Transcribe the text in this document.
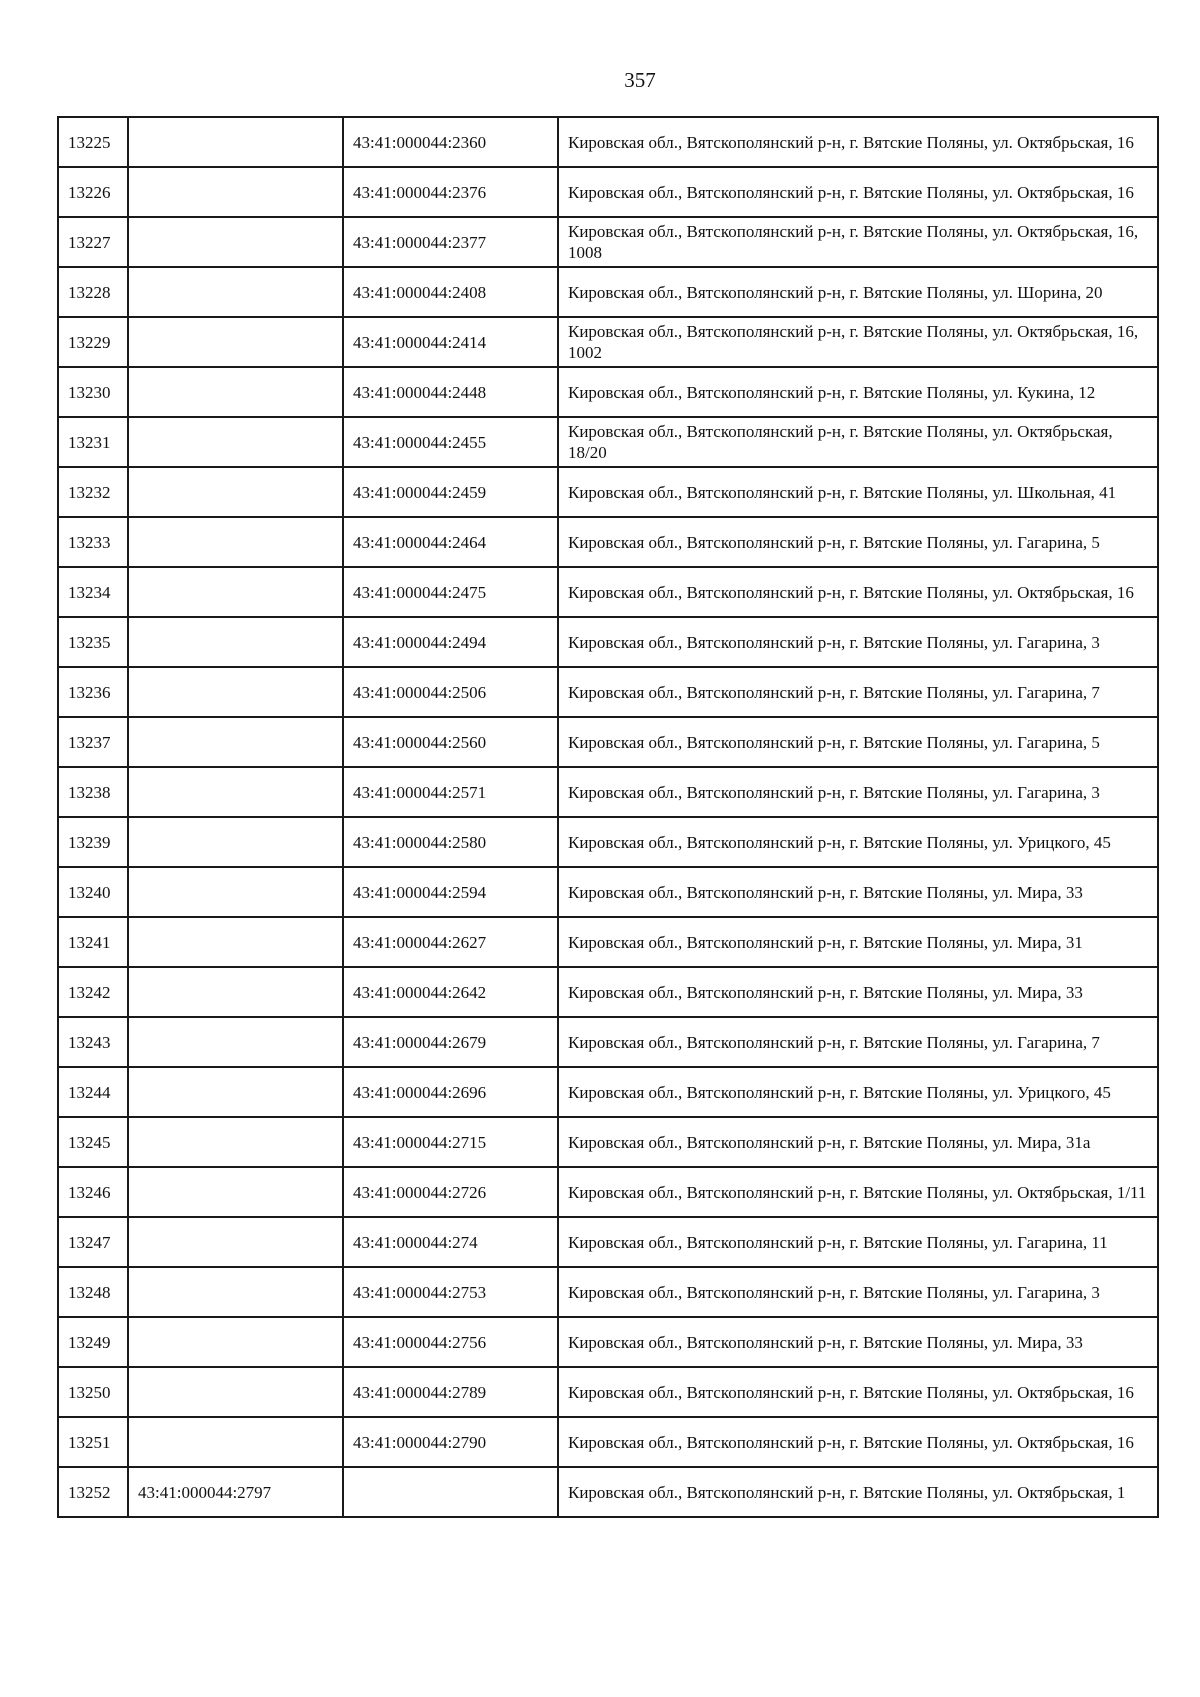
357
13225		43:41:000044:2360	Кировская обл., Вятскополянский р-н, г. Вятские Поляны, ул. Октябрьская, 16
13226		43:41:000044:2376	Кировская обл., Вятскополянский р-н, г. Вятские Поляны, ул. Октябрьская, 16
13227		43:41:000044:2377	Кировская обл., Вятскополянский р-н, г. Вятские Поляны, ул. Октябрьская, 16, 1008
13228		43:41:000044:2408	Кировская обл., Вятскополянский р-н, г. Вятские Поляны, ул. Шорина, 20
13229		43:41:000044:2414	Кировская обл., Вятскополянский р-н, г. Вятские Поляны, ул. Октябрьская, 16, 1002
13230		43:41:000044:2448	Кировская обл., Вятскополянский р-н, г. Вятские Поляны, ул. Кукина, 12
13231		43:41:000044:2455	Кировская обл., Вятскополянский р-н, г. Вятские Поляны, ул. Октябрьская, 18/20
13232		43:41:000044:2459	Кировская обл., Вятскополянский р-н, г. Вятские Поляны, ул. Школьная, 41
13233		43:41:000044:2464	Кировская обл., Вятскополянский р-н, г. Вятские Поляны, ул. Гагарина, 5
13234		43:41:000044:2475	Кировская обл., Вятскополянский р-н, г. Вятские Поляны, ул. Октябрьская, 16
13235		43:41:000044:2494	Кировская обл., Вятскополянский р-н, г. Вятские Поляны, ул. Гагарина, 3
13236		43:41:000044:2506	Кировская обл., Вятскополянский р-н, г. Вятские Поляны, ул. Гагарина, 7
13237		43:41:000044:2560	Кировская обл., Вятскополянский р-н, г. Вятские Поляны, ул. Гагарина, 5
13238		43:41:000044:2571	Кировская обл., Вятскополянский р-н, г. Вятские Поляны, ул. Гагарина, 3
13239		43:41:000044:2580	Кировская обл., Вятскополянский р-н, г. Вятские Поляны, ул. Урицкого, 45
13240		43:41:000044:2594	Кировская обл., Вятскополянский р-н, г. Вятские Поляны, ул. Мира, 33
13241		43:41:000044:2627	Кировская обл., Вятскополянский р-н, г. Вятские Поляны, ул. Мира, 31
13242		43:41:000044:2642	Кировская обл., Вятскополянский р-н, г. Вятские Поляны, ул. Мира, 33
13243		43:41:000044:2679	Кировская обл., Вятскополянский р-н, г. Вятские Поляны, ул. Гагарина, 7
13244		43:41:000044:2696	Кировская обл., Вятскополянский р-н, г. Вятские Поляны, ул. Урицкого, 45
13245		43:41:000044:2715	Кировская обл., Вятскополянский р-н, г. Вятские Поляны, ул. Мира, 31а
13246		43:41:000044:2726	Кировская обл., Вятскополянский р-н, г. Вятские Поляны, ул. Октябрьская, 1/11
13247		43:41:000044:274	Кировская обл., Вятскополянский р-н, г. Вятские Поляны, ул. Гагарина, 11
13248		43:41:000044:2753	Кировская обл., Вятскополянский р-н, г. Вятские Поляны, ул. Гагарина, 3
13249		43:41:000044:2756	Кировская обл., Вятскополянский р-н, г. Вятские Поляны, ул. Мира, 33
13250		43:41:000044:2789	Кировская обл., Вятскополянский р-н, г. Вятские Поляны, ул. Октябрьская, 16
13251		43:41:000044:2790	Кировская обл., Вятскополянский р-н, г. Вятские Поляны, ул. Октябрьская, 16
13252	43:41:000044:2797		Кировская обл., Вятскополянский р-н, г. Вятские Поляны, ул. Октябрьская, 1
